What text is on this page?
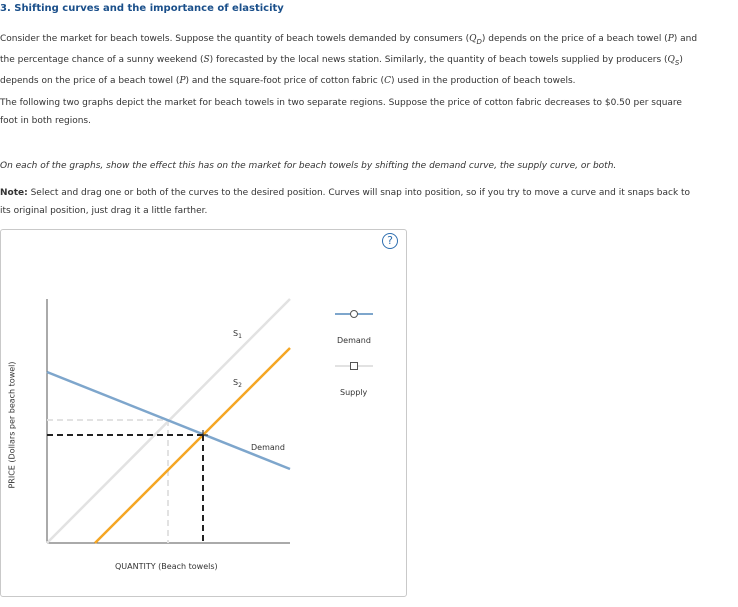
3. Shifting curves and the importance of elasticity
Consider the market for beach towels. Suppose the quantity of beach towels demanded by consumers $(Q_D)$ depends on the price of a beach towel (P) and the percentage chance of a sunny weekend (S) forecasted by the local news station. Similarly, the quantity of beach towels supplied by producers $(Q_S)$ depends on the price of a beach towel (P) and the square-foot price of cotton fabric (C) used in the production of beach towels.
The following two graphs depict the market for beach towels in two separate regions. Suppose the price of cotton fabric decreases to $0.50 per square foot in both regions.
On each of the graphs, show the effect this has on the market for beach towels by shifting the demand curve, the supply curve, or both.
Note: Select and drag one or both of the curves to the desired position. Curves will snap into position, so if you try to move a curve and it snaps back to its original position, just drag it a little farther.
?
PRICE (Dollars per beach towel)
QUANTITY (Beach towels)
$S_1$
$S_2$
Demand
Demand
Supply
